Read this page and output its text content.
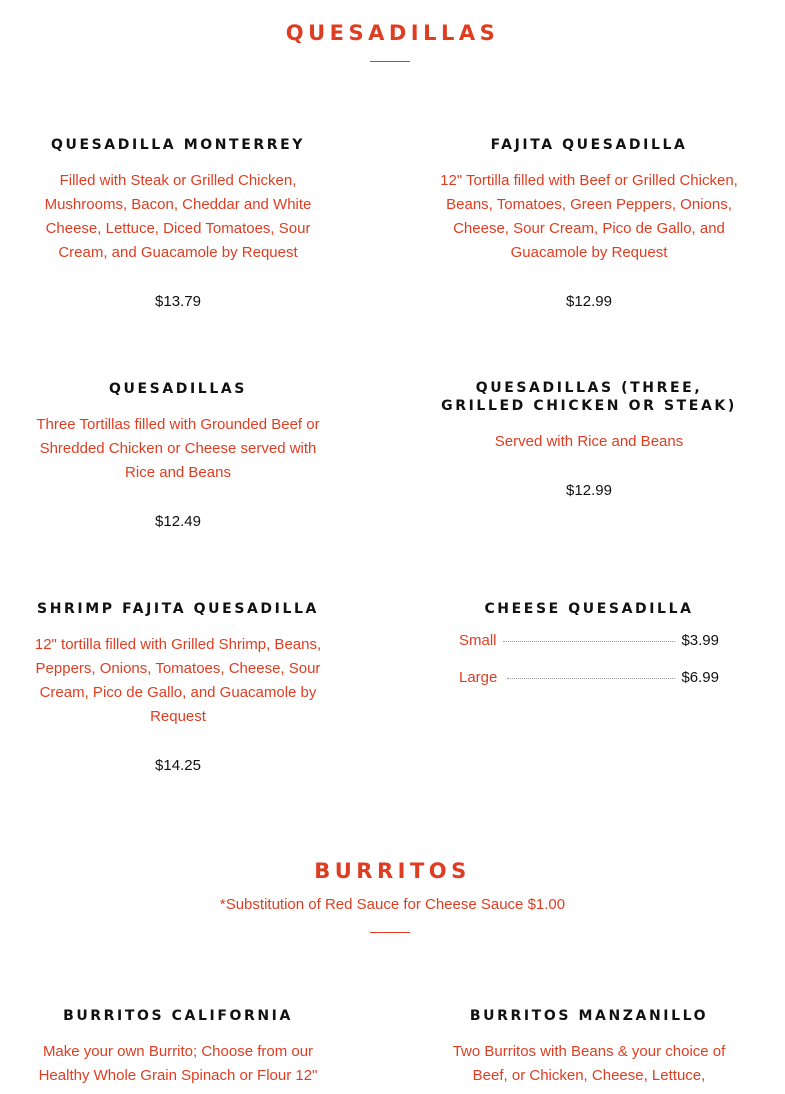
QUESADILLAS

QUESADILLA MONTERREY

Filled with Steak or Grilled Chicken, Mushrooms, Bacon, Cheddar and White Cheese, Lettuce, Diced Tomatoes, Sour Cream, and Guacamole by Request

$13.79

FAJITA QUESADILLA

12" Tortilla filled with Beef or Grilled Chicken, Beans, Tomatoes, Green Peppers, Onions, Cheese, Sour Cream, Pico de Gallo, and Guacamole by Request

$12.99

QUESADILLAS

Three Tortillas filled with Grounded Beef or Shredded Chicken or Cheese served with Rice and Beans

$12.49

QUESADILLAS (THREE, GRILLED CHICKEN OR STEAK)

Served with Rice and Beans

$12.99

SHRIMP FAJITA QUESADILLA

12" tortilla filled with Grilled Shrimp, Beans, Peppers, Onions, Tomatoes, Cheese, Sour Cream, Pico de Gallo, and Guacamole by Request

$14.25

CHEESE QUESADILLA

Small	$3.99
Large	$6.99
BURRITOS
*Substitution of Red Sauce for Cheese Sauce $1.00

BURRITOS CALIFORNIA

Make your own Burrito; Choose from our Healthy Whole Grain Spinach or Flour 12"

BURRITOS MANZANILLO

Two Burritos with Beans & your choice of Beef, or Chicken, Cheese, Lettuce,
